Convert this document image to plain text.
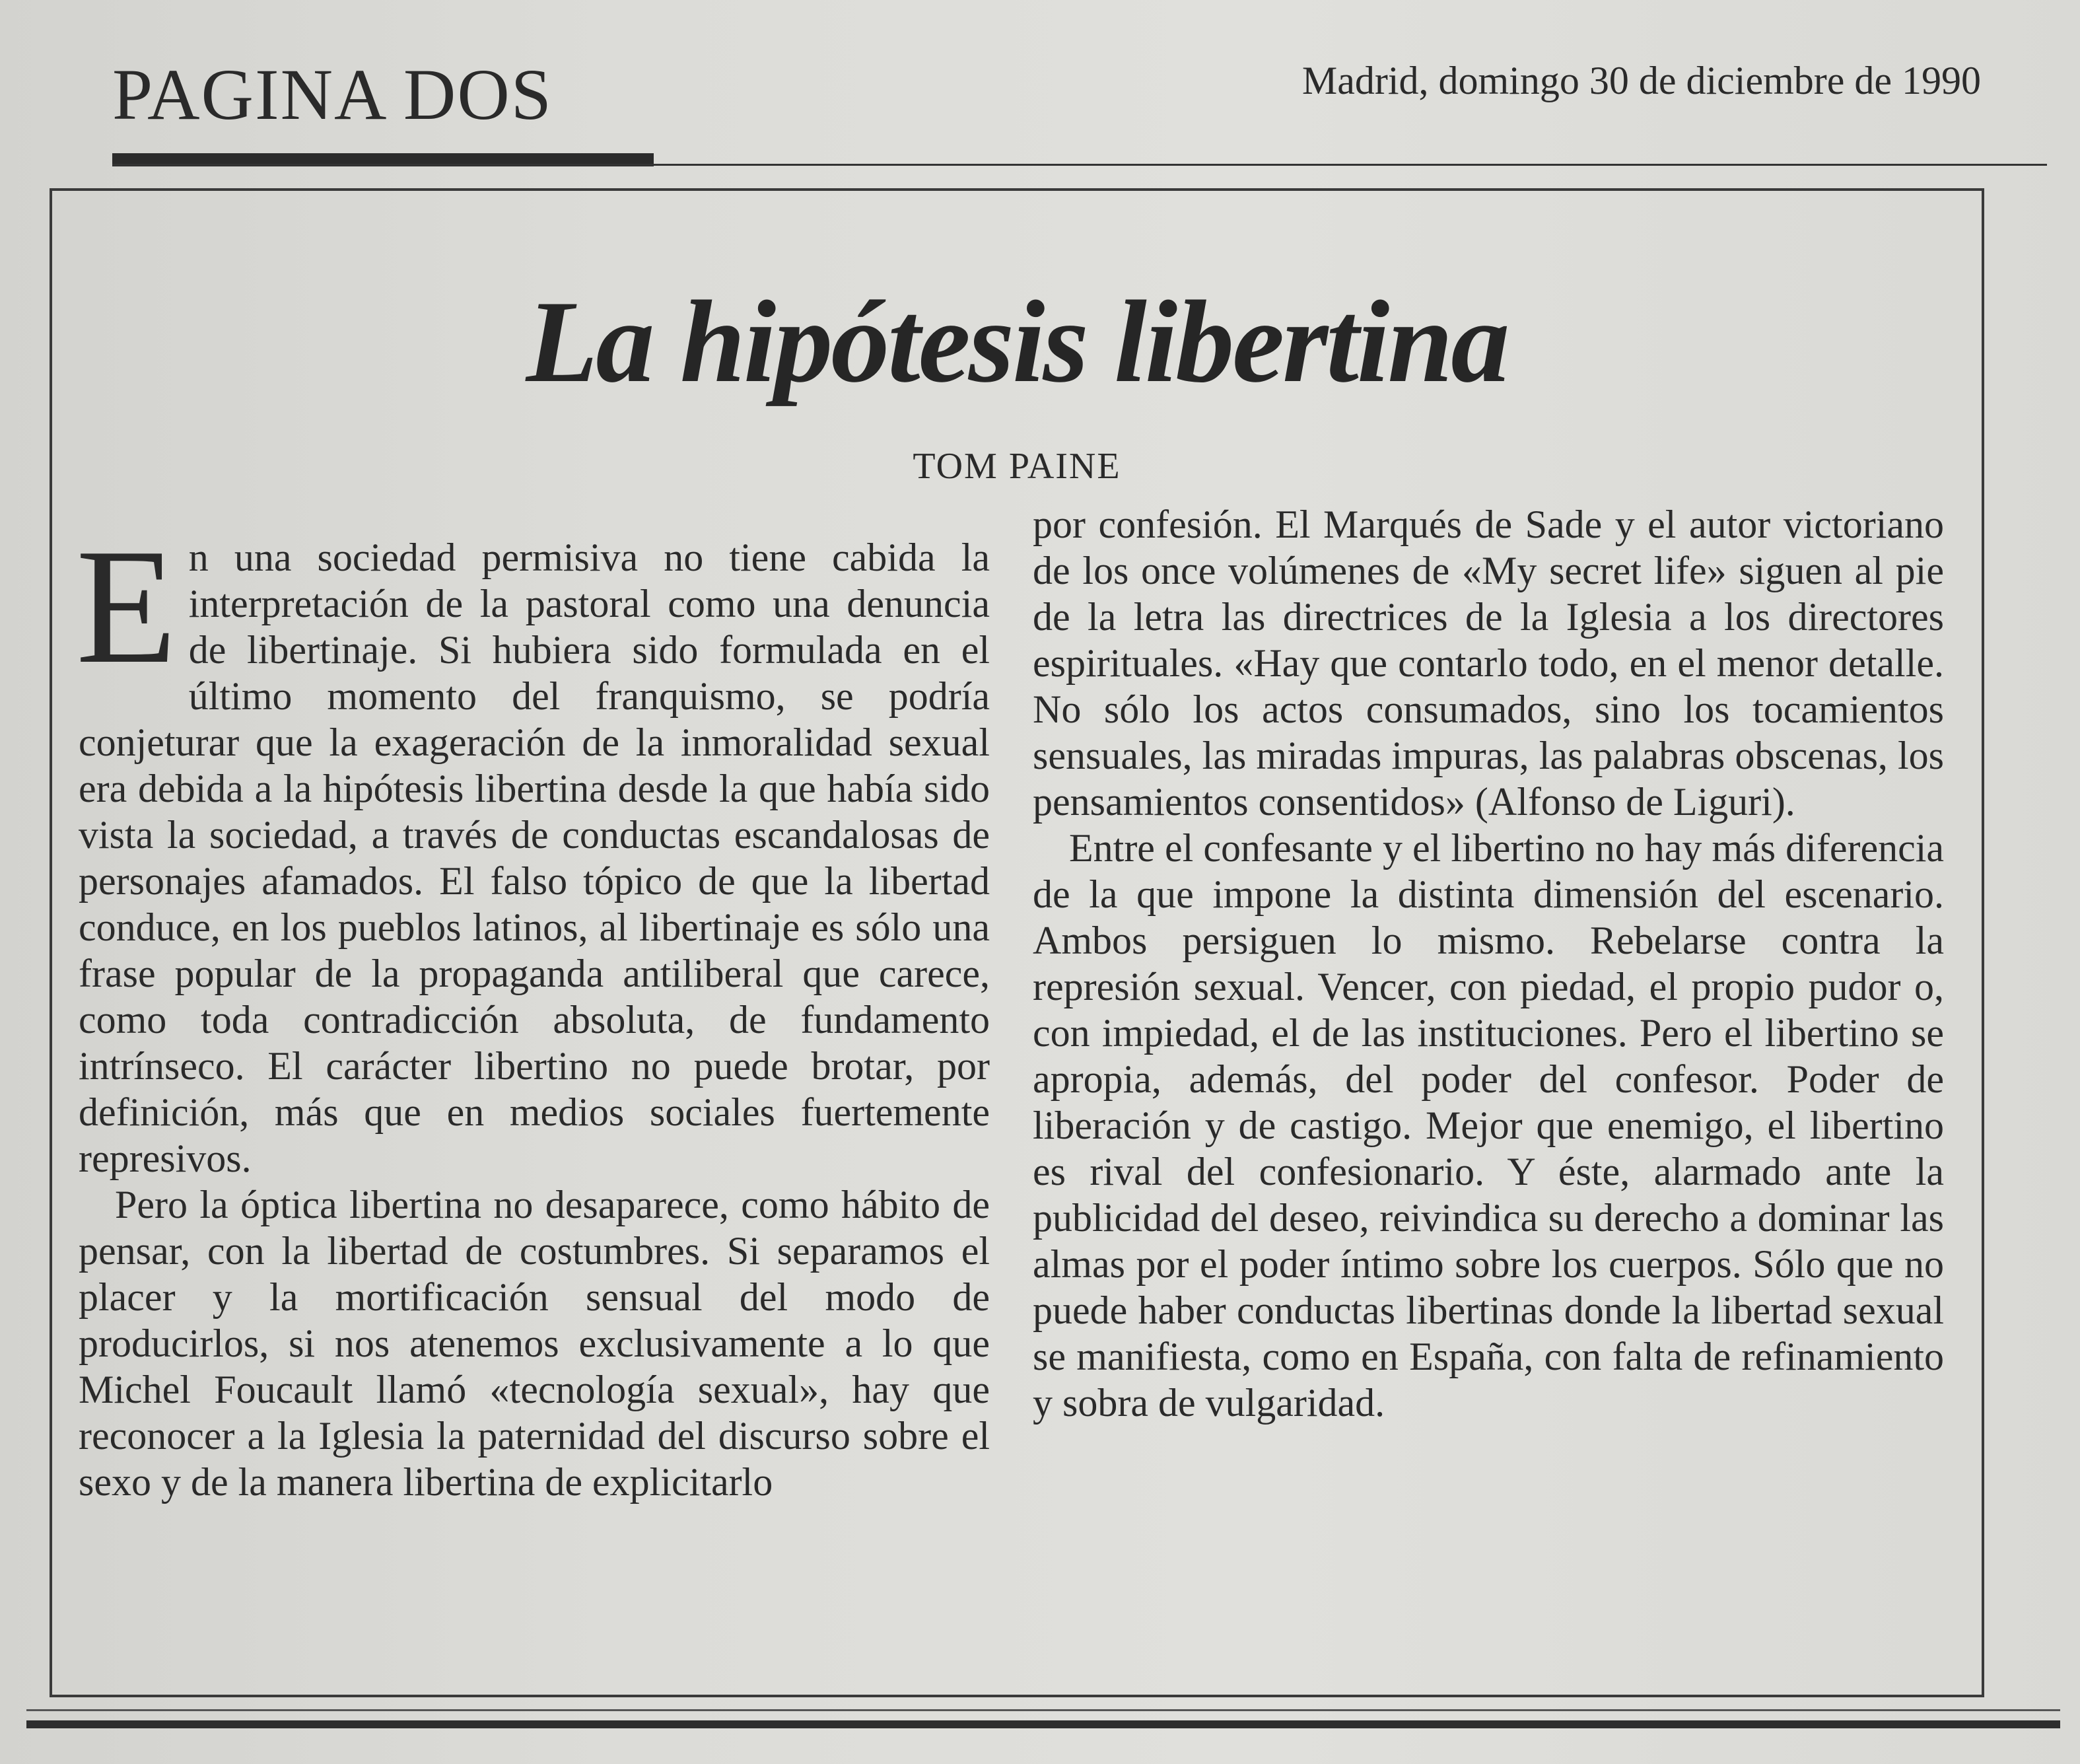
PAGINA DOS	Madrid, domingo 30 de diciembre de 1990
La hipótesis libertina
TOM PAINE

En una sociedad permisiva no tiene cabida la interpretación de la pastoral como una denuncia de libertinaje. Si hubiera sido formulada en el último momento del franquismo, se podría conjeturar que la exageración de la inmoralidad sexual era debida a la hipótesis libertina desde la que había sido vista la sociedad, a través de conductas escandalosas de personajes afamados. El falso tópico de que la libertad conduce, en los pueblos latinos, al libertinaje es sólo una frase popular de la propaganda antiliberal que carece, como toda contradicción absoluta, de fundamento intrínseco. El carácter libertino no puede brotar, por definición, más que en medios sociales fuertemente represivos.

Pero la óptica libertina no desaparece, como hábito de pensar, con la libertad de costumbres. Si separamos el placer y la mortificación sensual del modo de producirlos, si nos atenemos exclusivamente a lo que Michel Foucault llamó «tecnología sexual», hay que reconocer a la Iglesia la paternidad del discurso sobre el sexo y de la manera libertina de explicitarlo

por confesión. El Marqués de Sade y el autor victoriano de los once volúmenes de «My secret life» siguen al pie de la letra las directrices de la Iglesia a los directores espirituales. «Hay que contarlo todo, en el menor detalle. No sólo los actos consumados, sino los tocamientos sensuales, las miradas impuras, las palabras obscenas, los pensamientos consentidos» (Alfonso de Liguri).

Entre el confesante y el libertino no hay más diferencia de la que impone la distinta dimensión del escenario. Ambos persiguen lo mismo. Rebelarse contra la represión sexual. Vencer, con piedad, el propio pudor o, con impiedad, el de las instituciones. Pero el libertino se apropia, además, del poder del confesor. Poder de liberación y de castigo. Mejor que enemigo, el libertino es rival del confesionario. Y éste, alarmado ante la publicidad del deseo, reivindica su derecho a dominar las almas por el poder íntimo sobre los cuerpos. Sólo que no puede haber conductas libertinas donde la libertad sexual se manifiesta, como en España, con falta de refinamiento y sobra de vulgaridad.
